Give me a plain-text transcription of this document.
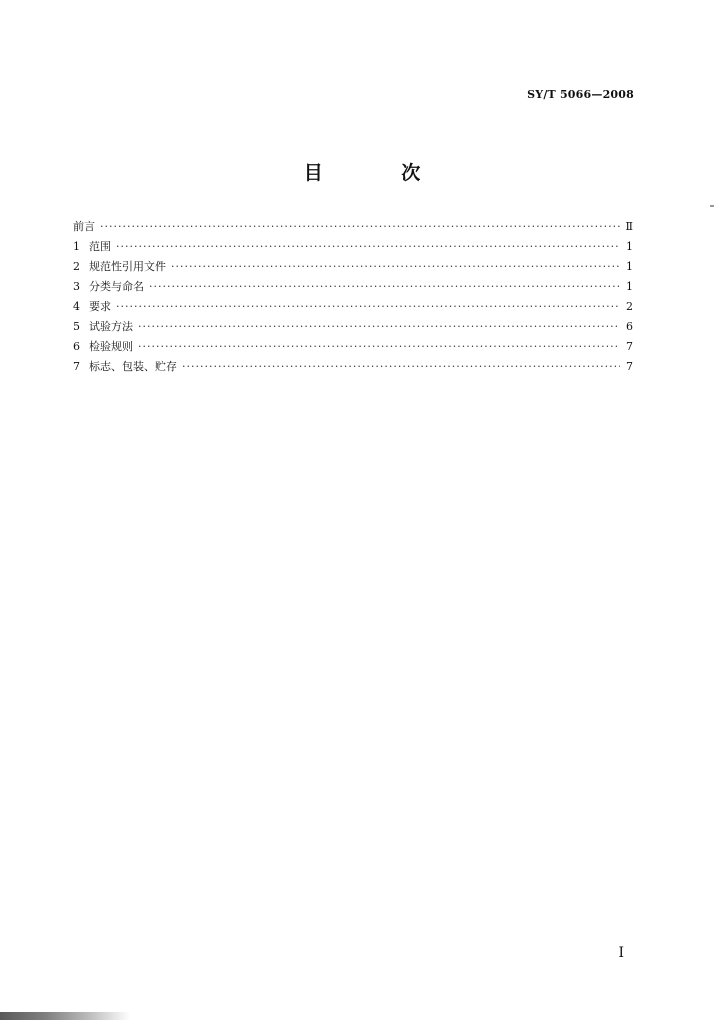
SY/T 5066—2008
目 次
前言 ·····	Ⅱ
1 范围 ·····	1
2 规范性引用文件 ·····	1
3 分类与命名 ·····	1
4 要求 ·····	2
5 试验方法 ·····	6
6 检验规则 ·····	7
7 标志、包装、贮存 ·····	7
I
